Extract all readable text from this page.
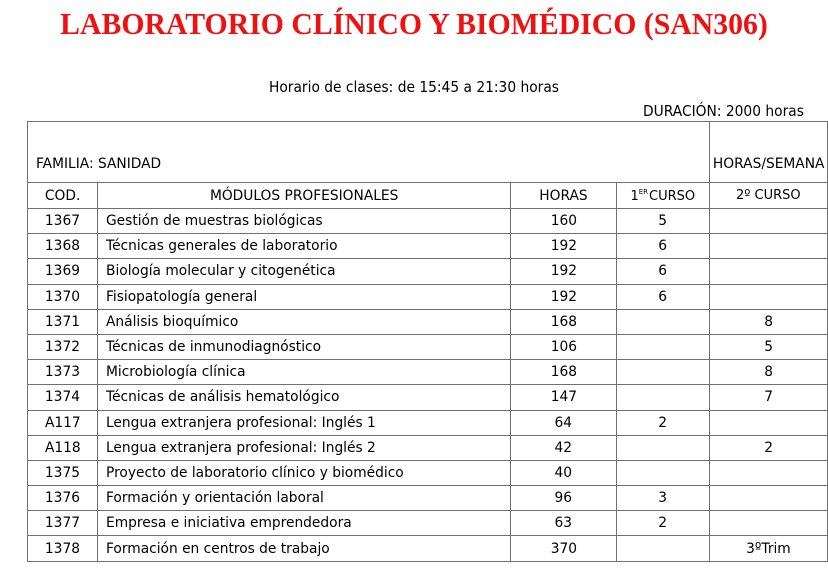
LABORATORIO CLÍNICO Y BIOMÉDICO (SAN306)
Horario de clases: de 15:45 a 21:30 horas
DURACIÓN: 2000 horas
FAMILIA: SANIDAD				HORAS/SEMANA
COD.	MÓDULOS PROFESIONALES	HORAS	1ERCURSO	2º CURSO
1367	Gestión de muestras biológicas	160	5	
1368	Técnicas generales de laboratorio	192	6	
1369	Biología molecular y citogenética	192	6	
1370	Fisiopatología general	192	6	
1371	Análisis bioquímico	168		8
1372	Técnicas de inmunodiagnóstico	106		5
1373	Microbiología clínica	168		8
1374	Técnicas de análisis hematológico	147		7
A117	Lengua extranjera profesional: Inglés 1	64	2	
A118	Lengua extranjera profesional: Inglés 2	42		2
1375	Proyecto de laboratorio clínico y biomédico	40		
1376	Formación y orientación laboral	96	3	
1377	Empresa e iniciativa emprendedora	63	2	
1378	Formación en centros de trabajo	370		3ºTrim
